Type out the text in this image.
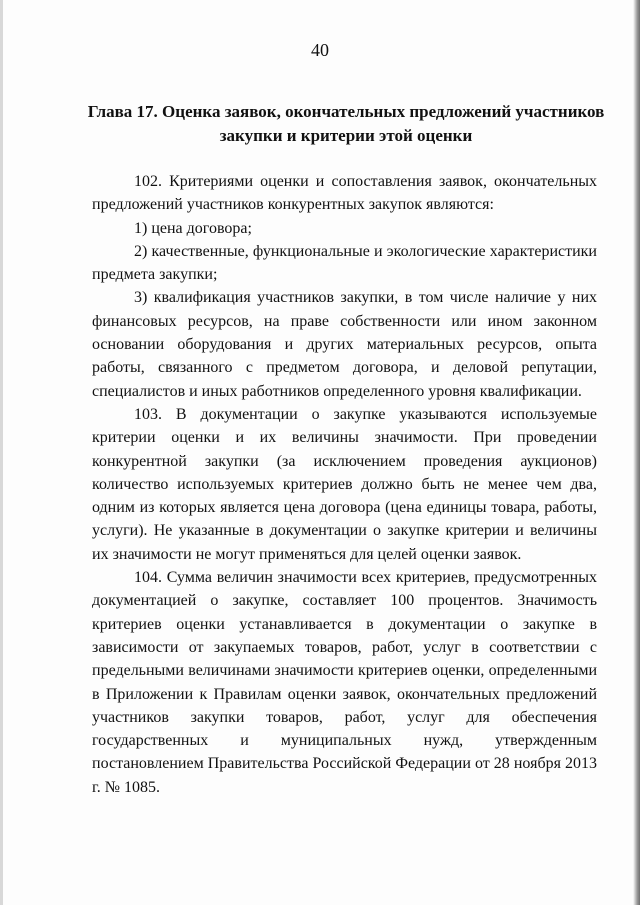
40
Глава 17. Оценка заявок, окончательных предложений участников закупки и критерии этой оценки

102. Критериями оценки и сопоставления заявок, окончательных предложений участников конкурентных закупок являются:

1) цена договора;

2) качественные, функциональные и экологические характеристики предмета закупки;

3) квалификация участников закупки, в том числе наличие у них финансовых ресурсов, на праве собственности или ином законном основании оборудования и других материальных ресурсов, опыта работы, связанного с предметом договора, и деловой репутации, специалистов и иных работников определенного уровня квалификации.

103. В документации о закупке указываются используемые критерии оценки и их величины значимости. При проведении конкурентной закупки (за исключением проведения аукционов) количество используемых критериев должно быть не менее чем два, одним из которых является цена договора (цена единицы товара, работы, услуги). Не указанные в документации о закупке критерии и величины их значимости не могут применяться для целей оценки заявок.

104. Сумма величин значимости всех критериев, предусмотренных документацией о закупке, составляет 100 процентов. Значимость критериев оценки устанавливается в документации о закупке в зависимости от закупаемых товаров, работ, услуг в соответствии с предельными величинами значимости критериев оценки, определенными в Приложении к Правилам оценки заявок, окончательных предложений участников закупки товаров, работ, услуг для обеспечения государственных и муниципальных нужд, утвержденным постановлением Правительства Российской Федерации от 28 ноября 2013 г. № 1085.
